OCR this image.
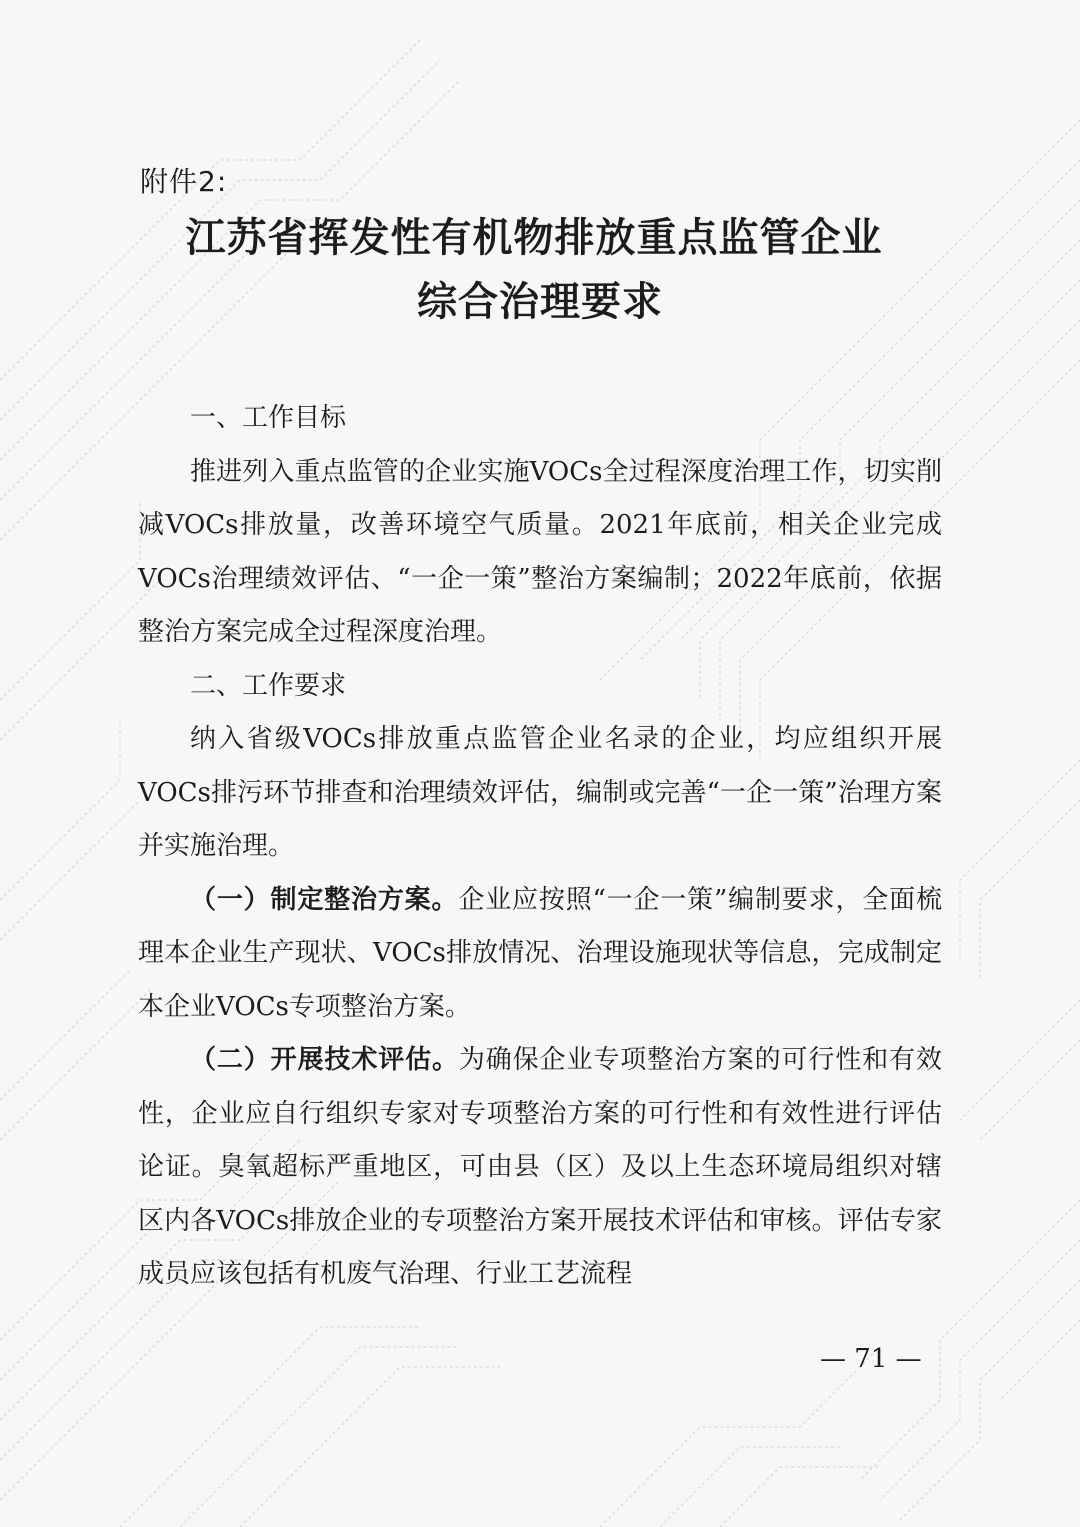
附件2:
江苏省挥发性有机物排放重点监管企业
综合治理要求

一、工作目标

推进列入重点监管的企业实施VOCs全过程深度治理工作，切实削减VOCs排放量，改善环境空气质量。2021年底前，相关企业完成VOCs治理绩效评估、“一企一策”整治方案编制；2022年底前，依据整治方案完成全过程深度治理。

二、工作要求

纳入省级VOCs排放重点监管企业名录的企业，均应组织开展VOCs排污环节排查和治理绩效评估，编制或完善“一企一策”治理方案并实施治理。

（一）制定整治方案。企业应按照“一企一策”编制要求，全面梳理本企业生产现状、VOCs排放情况、治理设施现状等信息，完成制定本企业VOCs专项整治方案。

（二）开展技术评估。为确保企业专项整治方案的可行性和有效性，企业应自行组织专家对专项整治方案的可行性和有效性进行评估论证。臭氧超标严重地区，可由县（区）及以上生态环境局组织对辖区内各VOCs排放企业的专项整治方案开展技术评估和审核。评估专家成员应该包括有机废气治理、行业工艺流程

— 71 —
